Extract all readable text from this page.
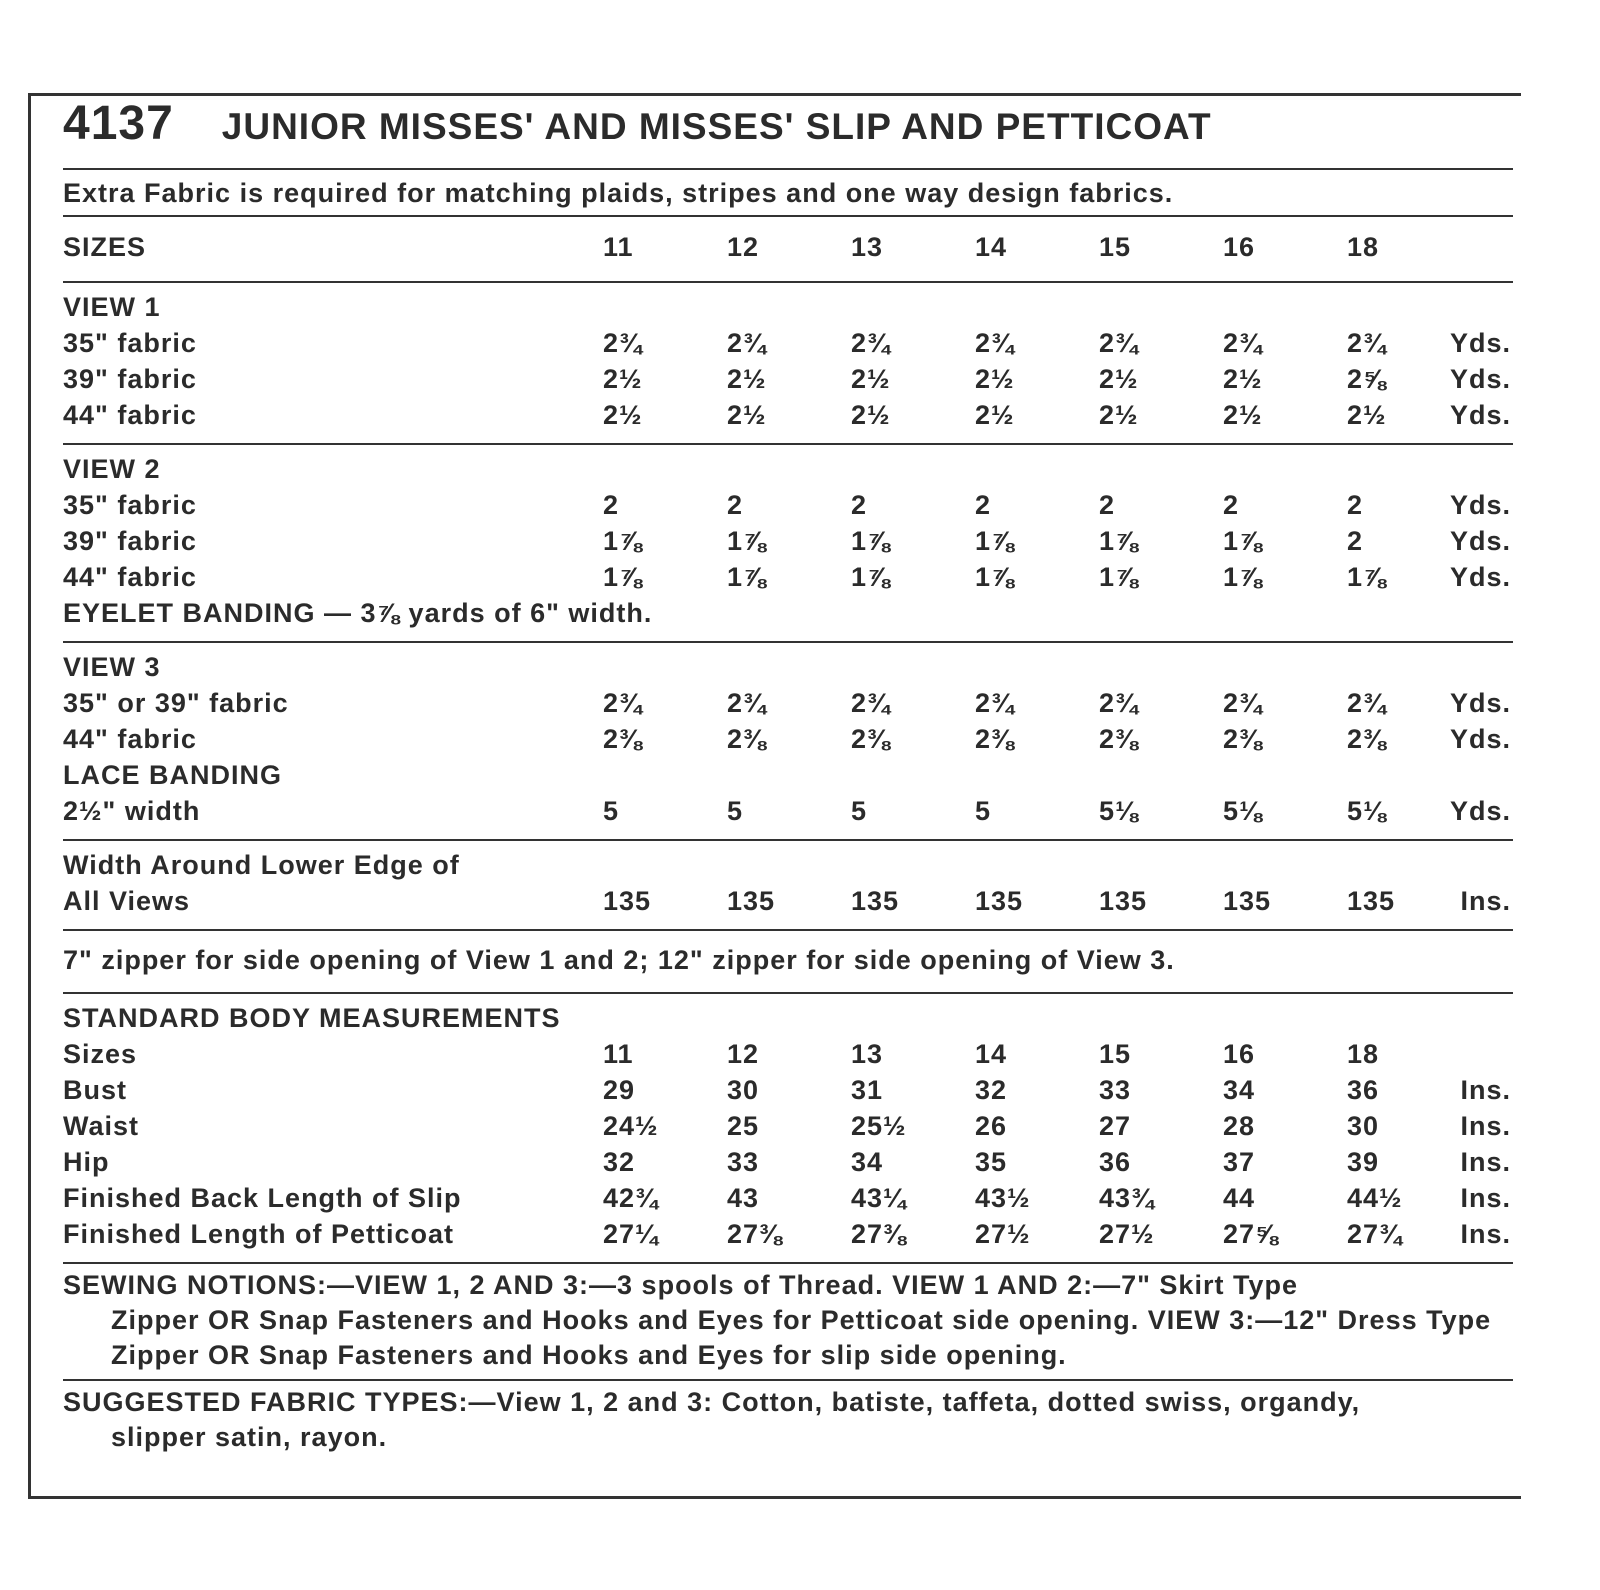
4137 JUNIOR MISSES' AND MISSES' SLIP AND PETTICOAT
Extra Fabric is required for matching plaids, stripes and one way design fabrics.
SIZES	11	12	13	14	15	16	18
VIEW 1
35" fabric	2¾	2¾	2¾	2¾	2¾	2¾	2¾	Yds.
39" fabric	2½	2½	2½	2½	2½	2½	2⅝	Yds.
44" fabric	2½	2½	2½	2½	2½	2½	2½	Yds.
VIEW 2
35" fabric	2	2	2	2	2	2	2	Yds.
39" fabric	1⅞	1⅞	1⅞	1⅞	1⅞	1⅞	2	Yds.
44" fabric	1⅞	1⅞	1⅞	1⅞	1⅞	1⅞	1⅞	Yds.
EYELET BANDING — 3⅞ yards of 6" width.
VIEW 3
35" or 39" fabric	2¾	2¾	2¾	2¾	2¾	2¾	2¾	Yds.
44" fabric	2⅜	2⅜	2⅜	2⅜	2⅜	2⅜	2⅜	Yds.
LACE BANDING
2½" width	5	5	5	5	5⅛	5⅛	5⅛	Yds.
Width Around Lower Edge of
All Views	135	135	135	135	135	135	135	Ins.
7" zipper for side opening of View 1 and 2; 12" zipper for side opening of View 3.
STANDARD BODY MEASUREMENTS
Sizes	11	12	13	14	15	16	18
Bust	29	30	31	32	33	34	36	Ins.
Waist	24½	25	25½	26	27	28	30	Ins.
Hip	32	33	34	35	36	37	39	Ins.
Finished Back Length of Slip	42¾	43	43¼	43½	43¾	44	44½	Ins.
Finished Length of Petticoat	27¼	27⅜	27⅜	27½	27½	27⅝	27¾	Ins.
SEWING NOTIONS:—VIEW 1, 2 AND 3:—3 spools of Thread. VIEW 1 AND 2:—7" Skirt Type
Zipper OR Snap Fasteners and Hooks and Eyes for Petticoat side opening. VIEW 3:—12" Dress Type Zipper OR Snap Fasteners and Hooks and Eyes for slip side opening.
SUGGESTED FABRIC TYPES:—View 1, 2 and 3: Cotton, batiste, taffeta, dotted swiss, organdy,
slipper satin, rayon.
